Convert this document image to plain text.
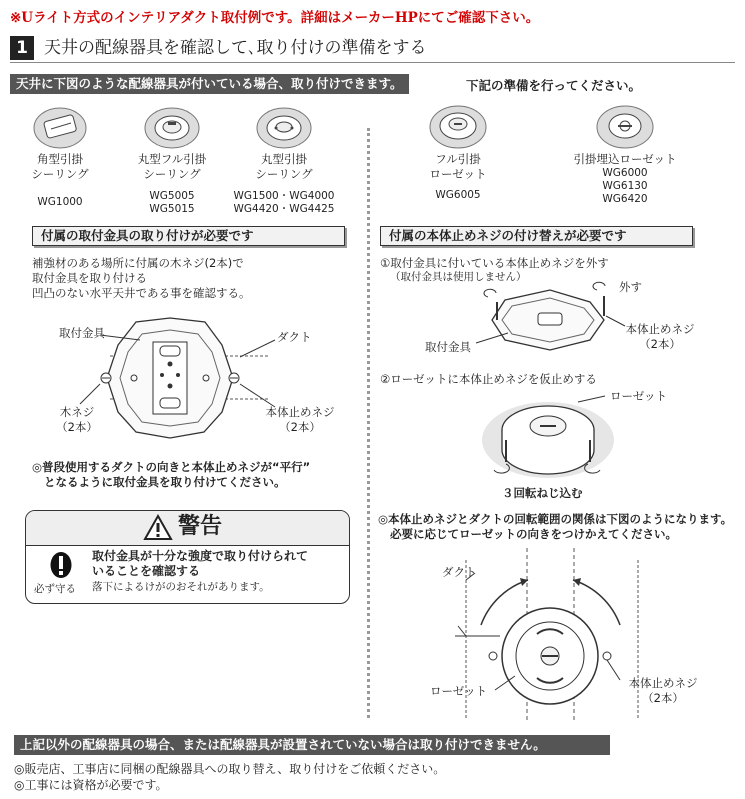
※Uライト方式のインテリアダクト取付例です。詳細はメーカーHPにてご確認下さい。
1 天井の配線器具を確認して､取り付けの準備をする
天井に下図のような配線器具が付いている場合、取り付けできます。	下記の準備を行ってください。
角型引掛
シーリング
WG1000
丸型フル引掛
シーリング
WG5005
WG5015
丸型引掛
シーリング
WG1500・WG4000
WG4420・WG4425
フル引掛
ローゼット
WG6005
引掛埋込ローゼット
WG6000
WG6130
WG6420
付属の取付金具の取り付けが必要です
補強材のある場所に付属の木ネジ(2本)で
取付金具を取り付ける
凹凸のない水平天井である事を確認する。
取付金具	ダクト
木ネジ
（2本）
本体止めネジ
（2本）
◎普段使用するダクトの向きと本体止めネジが“平行”
となるように取付金具を取り付けてください。
警告
必ず守る
取付金具が十分な強度で取り付けられて
いることを確認する
落下によるけがのおそれがあります。
付属の本体止めネジの付け替えが必要です
①取付金具に付いている本体止めネジを外す
（取付金具は使用しません）
外す
本体止めネジ
（2本）
取付金具
②ローゼットに本体止めネジを仮止めする
ローゼット
３回転ねじ込む
◎本体止めネジとダクトの回転範囲の関係は下図のようになります。
必要に応じてローゼットの向きをつけかえてください。
ダクト
ローゼット
本体止めネジ
（2本）
上記以外の配線器具の場合、または配線器具が設置されていない場合は取り付けできません。
◎販売店、工事店に同梱の配線器具への取り替え、取り付けをご依頼ください。
◎工事には資格が必要です。
